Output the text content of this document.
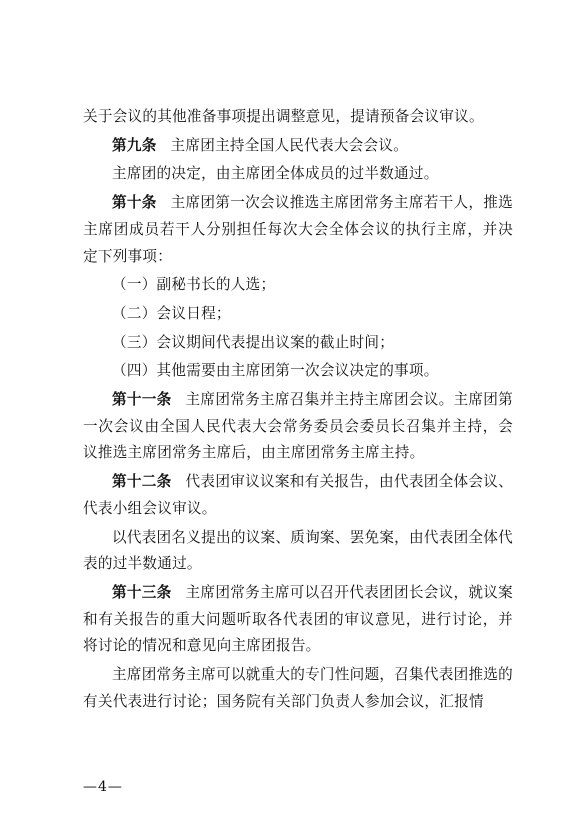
关于会议的其他准备事项提出调整意见，提请预备会议审议。

第九条 主席团主持全国人民代表大会会议。

主席团的决定，由主席团全体成员的过半数通过。

第十条 主席团第一次会议推选主席团常务主席若干人，推选主席团成员若干人分别担任每次大会全体会议的执行主席，并决定下列事项：

（一）副秘书长的人选；

（二）会议日程；

（三）会议期间代表提出议案的截止时间；

（四）其他需要由主席团第一次会议决定的事项。

第十一条 主席团常务主席召集并主持主席团会议。主席团第一次会议由全国人民代表大会常务委员会委员长召集并主持，会议推选主席团常务主席后，由主席团常务主席主持。

第十二条 代表团审议议案和有关报告，由代表团全体会议、代表小组会议审议。

以代表团名义提出的议案、质询案、罢免案，由代表团全体代表的过半数通过。

第十三条 主席团常务主席可以召开代表团团长会议，就议案和有关报告的重大问题听取各代表团的审议意见，进行讨论，并将讨论的情况和意见向主席团报告。

主席团常务主席可以就重大的专门性问题，召集代表团推选的有关代表进行讨论；国务院有关部门负责人参加会议，汇报情

—4—
